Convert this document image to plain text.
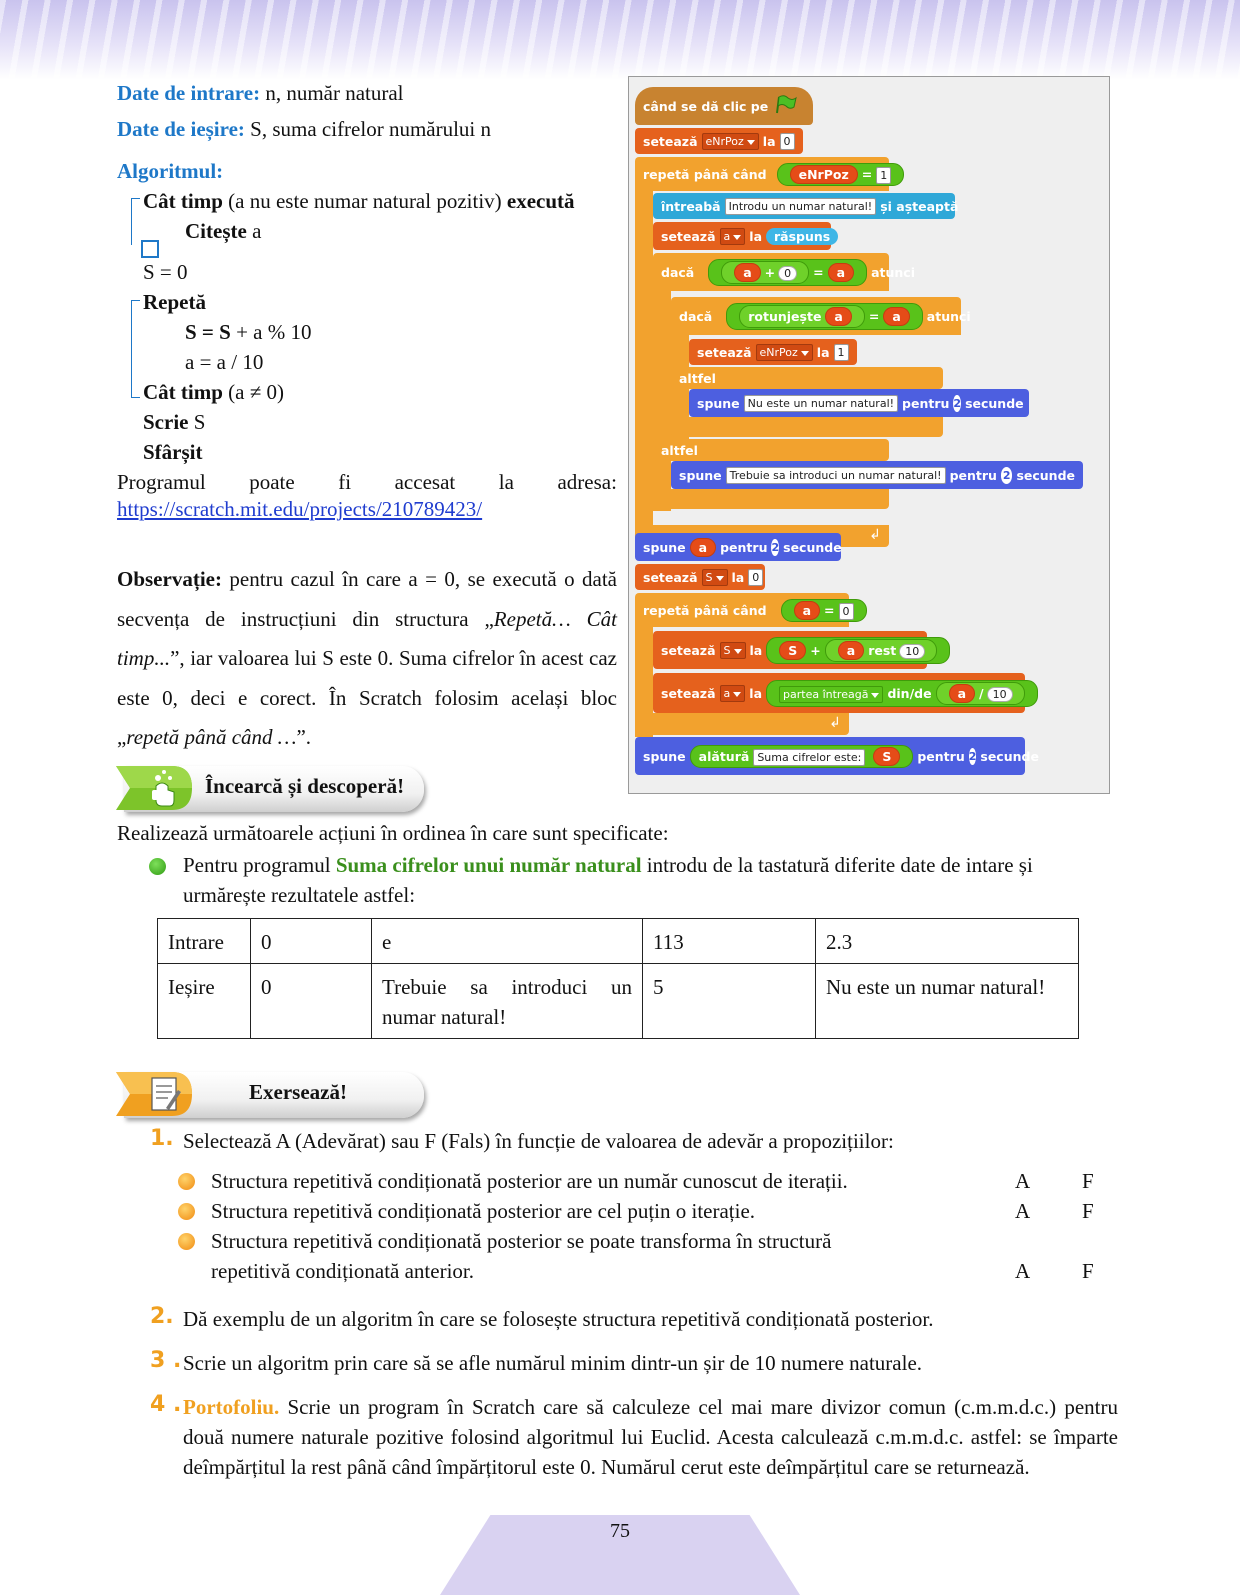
Date de intrare: n, număr natural
Date de ieșire: S, suma cifrelor numărului n
Algoritmul:
Cât timp (a nu este numar natural pozitiv) execută
Citește a
S = 0
Repetă
S = S + a % 10
a = a / 10
Cât timp (a ≠ 0)
Scrie S
Sfârșit
Programul poate fi accesat la adresa:
https://scratch.mit.edu/projects/210789423/
Observație: pentru cazul în care a = 0, se execută o dată secvența de instrucțiuni din structura „Repetă… Cât timp...”, iar valoarea lui S este 0. Suma cifrelor în acest caz este 0, deci e corect. În Scratch folosim același bloc „repetă până când …”.
când se dă clic pe
setează eNrPoz	la 0
repetă până când	eNrPoz = 1
↲
întreabă Introdu un numar natural! și așteaptă
setează a	la răspuns
dacă	a + 0 = a	atunci
dacă	rotunjește a = a	atunci
setează eNrPoz	la 1
altfel
spune Nu este un numar natural! pentru 2 secunde
altfel
spune Trebuie sa introduci un numar natural! pentru 2 secunde
spune	a	pentru 2 secunde
setează S	la 0
repetă până când	a = 0
setează S	la	S + a rest 10
setează a	la	partea întreagă din/de a / 10
↲
spune	alătură Suma cifrelor este: S	pentru 2 secunde
Încearcă și descoperă!
Realizează următoarele acțiuni în ordinea în care sunt specificate:
Pentru programul Suma cifrelor unui număr natural introdu de la tastatură diferite date de intare și urmărește rezultatele astfel:
Intrare	0	e	113	2.3
Ieșire	0	Trebuie sa introduci un numar natural!	5	Nu este un numar natural!
Exersează!
1. Selectează A (Adevărat) sau F (Fals) în funcție de valoarea de adevăr a propozițiilor:
Structura repetitivă condiționată posterior are un număr cunoscut de iterații.	A F
Structura repetitivă condiționată posterior are cel puțin o iterație.	A F
Structura repetitivă condiționată posterior se poate transforma în structură
repetitivă condiționată anterior.	A F
2. Dă exemplu de un algoritm în care se folosește structura repetitivă condiționată posterior.
3 . Scrie un algoritm prin care să se afle numărul minim dintr-un șir de 10 numere naturale.
4 . Portofoliu. Scrie un program în Scratch care să calculeze cel mai mare divizor comun (c.m.m.d.c.) pentru două numere naturale pozitive folosind algoritmul lui Euclid. Acesta calculează c.m.m.d.c. astfel: se împarte deîmpărțitul la rest până când împărțitorul este 0. Numărul cerut este deîmpărțitul care se returnează.
75
